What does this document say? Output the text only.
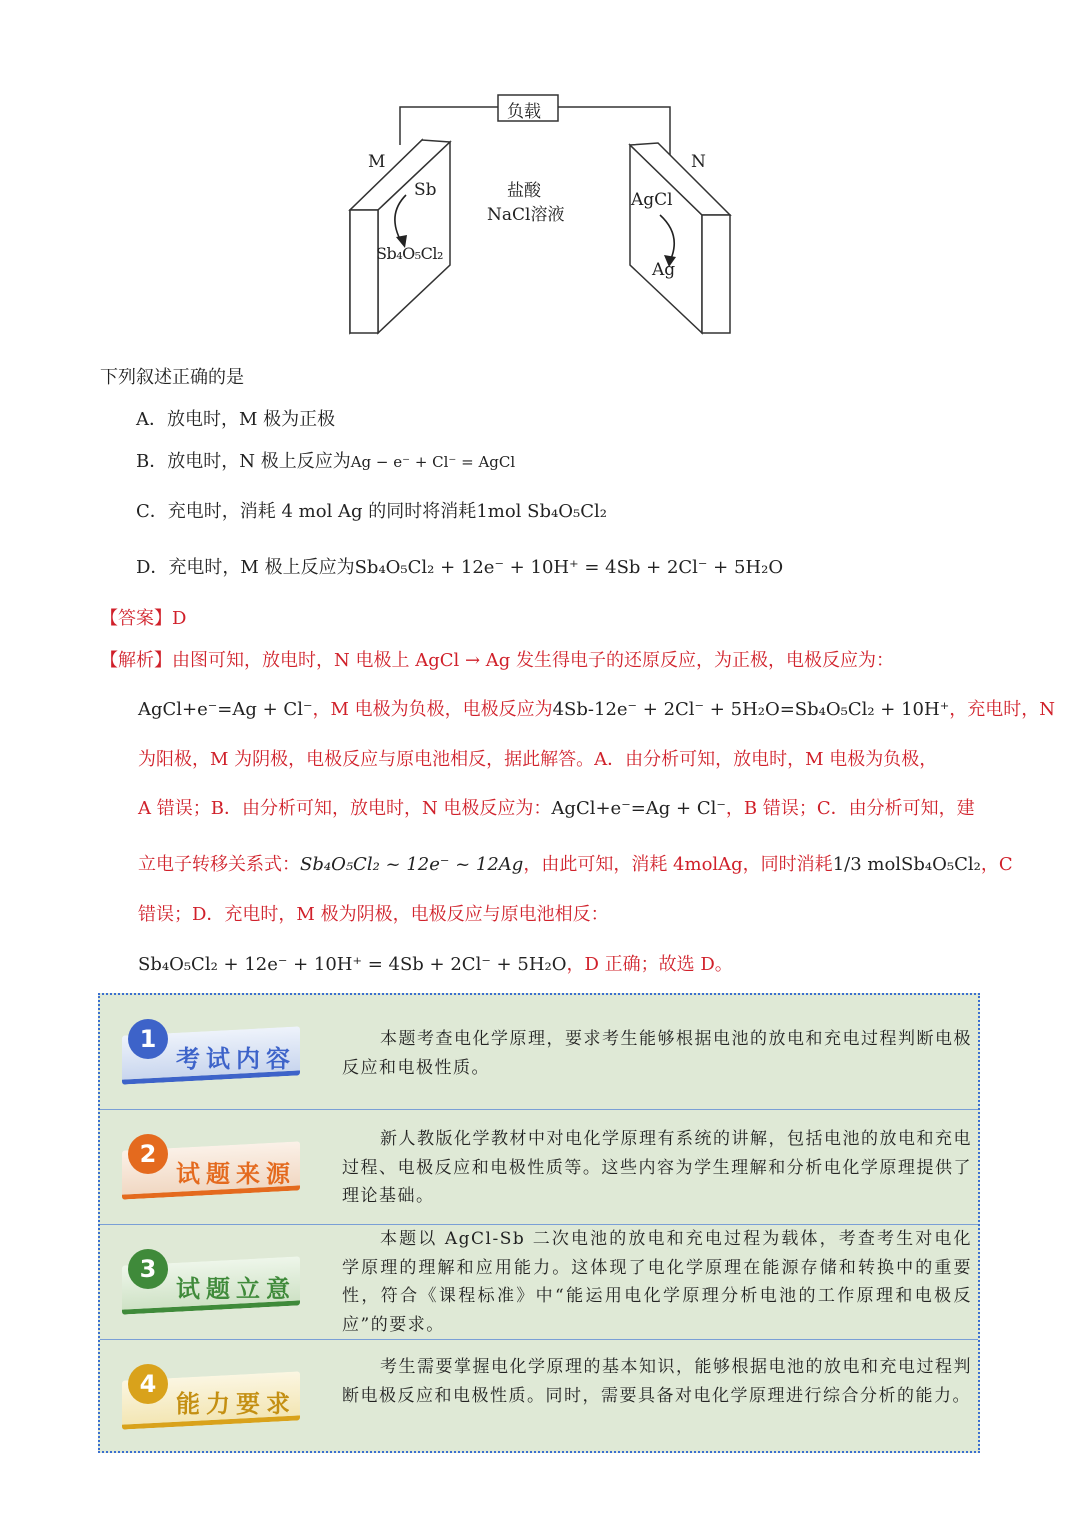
负载
M	N
Sb
Sb₄O₅Cl₂
AgCl
Ag
盐酸
NaCl溶液
下列叙述正确的是
A．放电时，M 极为正极
B．放电时，N 极上反应为Ag − e⁻ + Cl⁻ = AgCl
C．充电时，消耗 4 mol Ag 的同时将消耗1mol Sb₄O₅Cl₂
D．充电时，M 极上反应为Sb₄O₅Cl₂ + 12e⁻ + 10H⁺ = 4Sb + 2Cl⁻ + 5H₂O
【答案】D
【解析】由图可知，放电时，N 电极上 AgCl → Ag 发生得电子的还原反应，为正极，电极反应为：
AgCl+e⁻=Ag + Cl⁻，M 电极为负极，电极反应为4Sb-12e⁻ + 2Cl⁻ + 5H₂O=Sb₄O₅Cl₂ + 10H⁺，充电时，N
为阳极，M 为阴极，电极反应与原电池相反，据此解答。A．由分析可知，放电时，M 电极为负极，
A 错误；B．由分析可知，放电时，N 电极反应为：AgCl+e⁻=Ag + Cl⁻，B 错误；C．由分析可知，建
立电子转移关系式：Sb₄O₅Cl₂ ~ 12e⁻ ~ 12Ag，由此可知，消耗 4molAg，同时消耗1/3 molSb₄O₅Cl₂，C
错误；D．充电时，M 极为阴极，电极反应与原电池相反：
Sb₄O₅Cl₂ + 12e⁻ + 10H⁺ = 4Sb + 2Cl⁻ + 5H₂O，D 正确；故选 D。
1
考试内容
本题考查电化学原理，要求考生能够根据电池的放电和充电过程判断电极反应和电极性质。
2
试题来源
新人教版化学教材中对电化学原理有系统的讲解，包括电池的放电和充电过程、电极反应和电极性质等。这些内容为学生理解和分析电化学原理提供了理论基础。
3
试题立意
本题以 AgCl-Sb 二次电池的放电和充电过程为载体，考查考生对电化学原理的理解和应用能力。这体现了电化学原理在能源存储和转换中的重要性，符合《课程标准》中“能运用电化学原理分析电池的工作原理和电极反应”的要求。
4
能力要求
考生需要掌握电化学原理的基本知识，能够根据电池的放电和充电过程判断电极反应和电极性质。同时，需要具备对电化学原理进行综合分析的能力。
